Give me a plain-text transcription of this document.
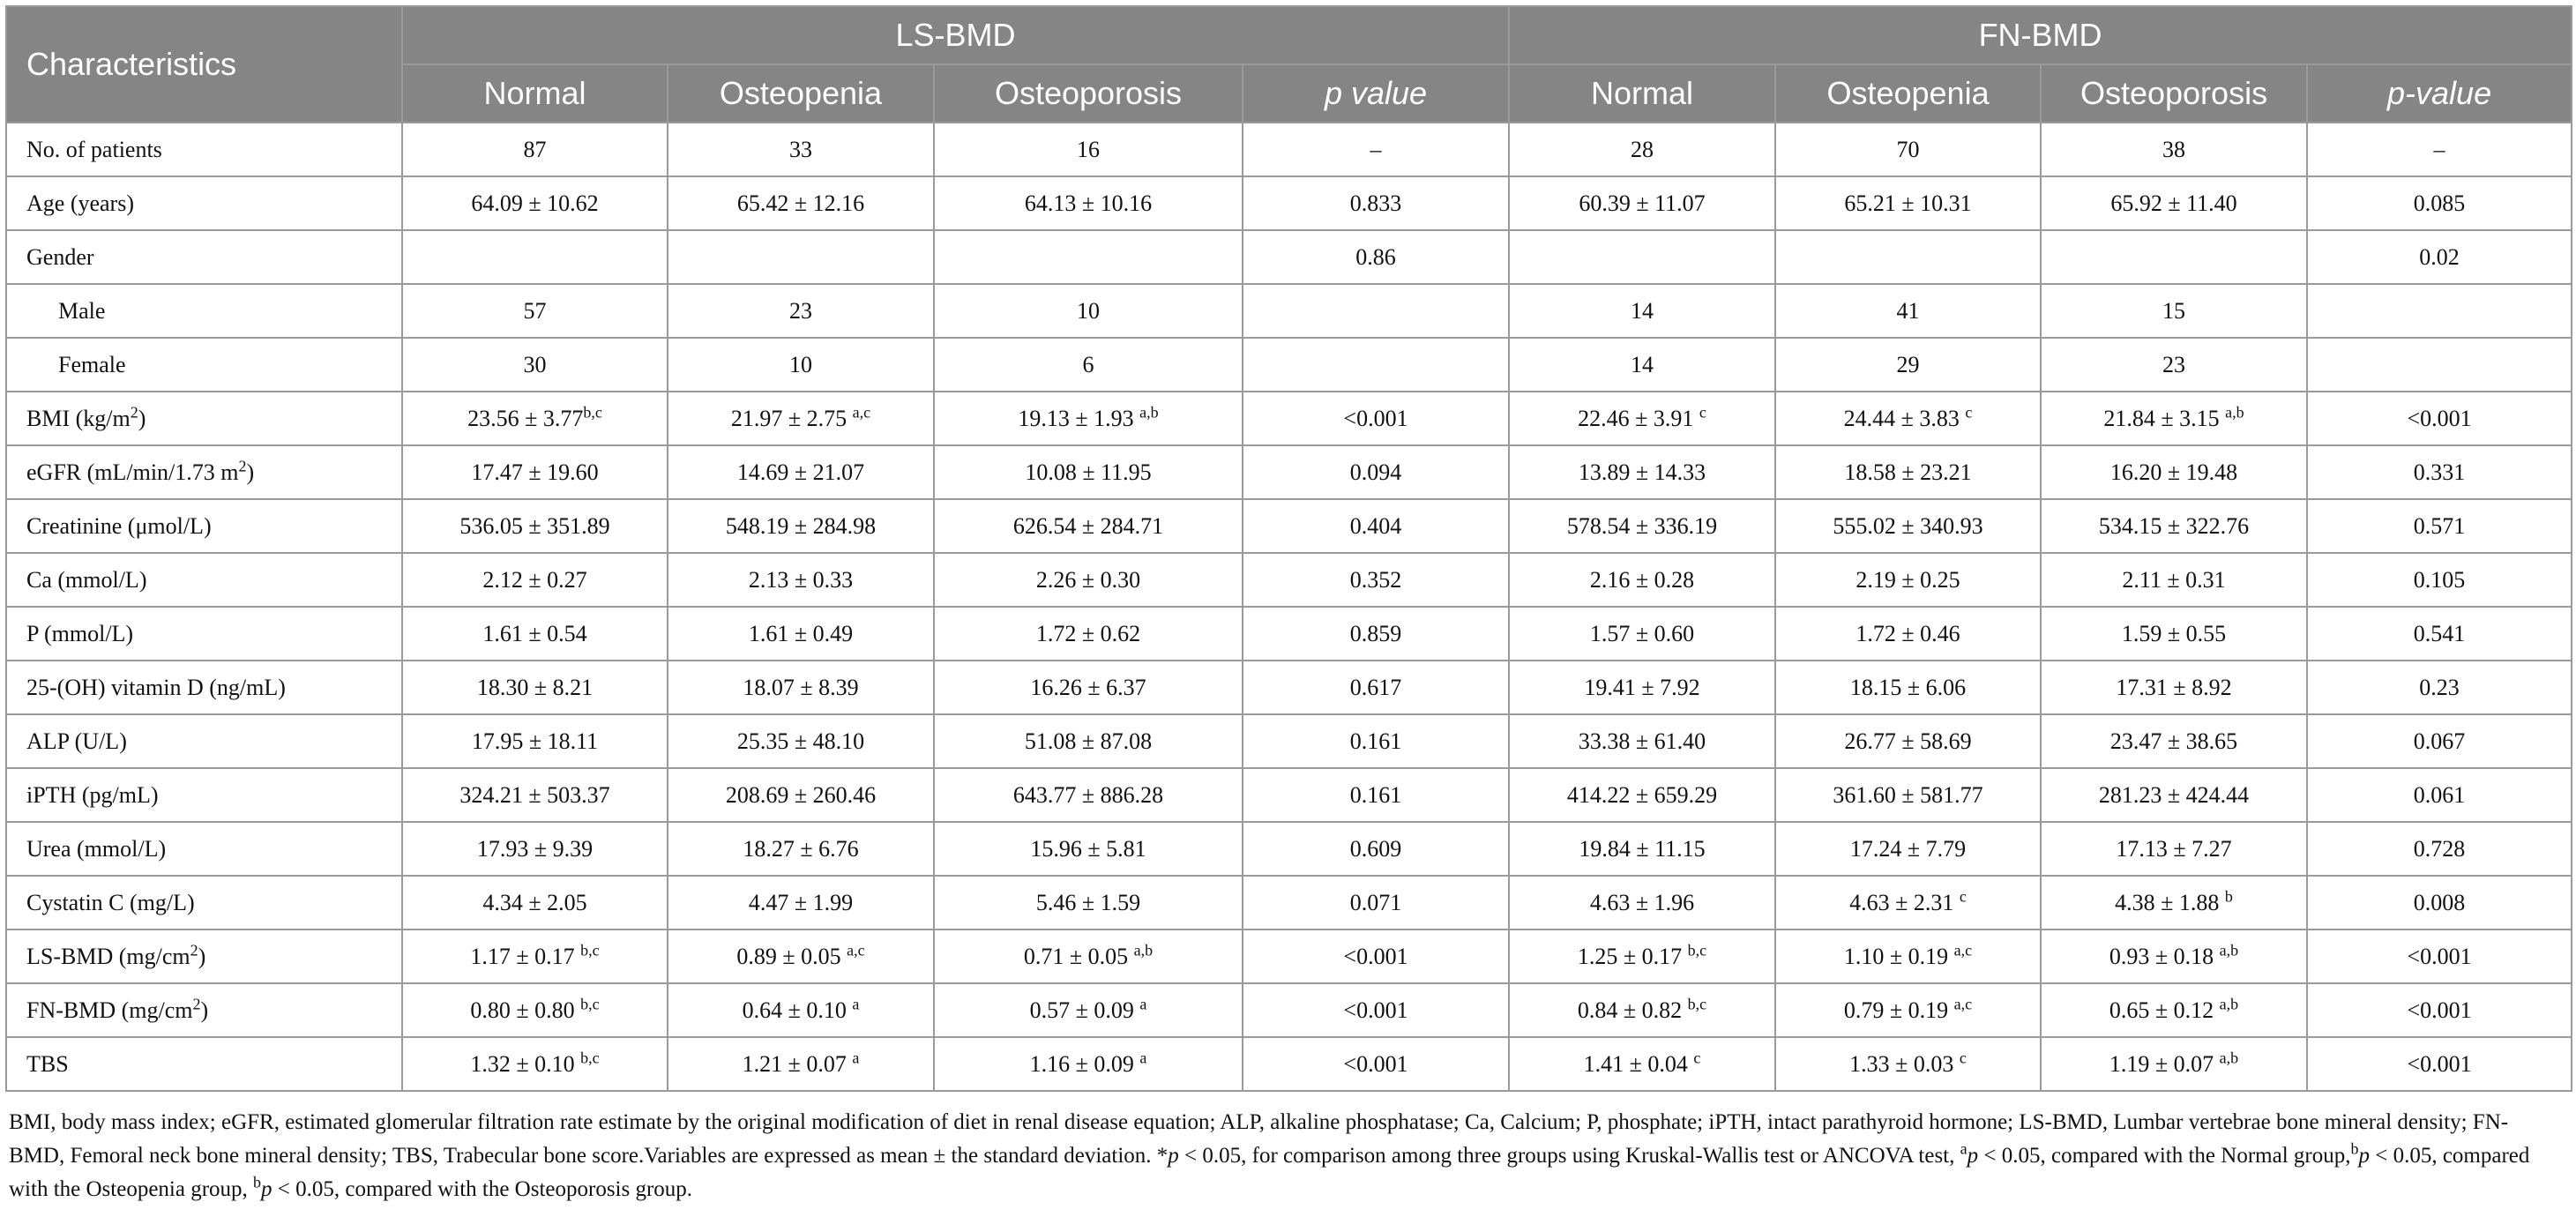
Characteristics	LS-BMD				FN-BMD			
	Normal	Osteopenia	Osteoporosis	p value	Normal	Osteopenia	Osteoporosis	p-value
No. of patients	87	33	16	–	28	70	38	–
Age (years)	64.09 ± 10.62	65.42 ± 12.16	64.13 ± 10.16	0.833	60.39 ± 11.07	65.21 ± 10.31	65.92 ± 11.40	0.085
Gender				0.86				0.02
Male	57	23	10		14	41	15	
Female	30	10	6		14	29	23	
BMI $(kg/m^2)$	$23.56 \pm 3.77^{b,c}$	21.97 ± 2.75 $^{a,c}$	19.13 ± 1.93 $^{a,b}$	<0.001	22.46 ± 3.91 $^c$	24.44 ± 3.83 $^c$	21.84 ± 3.15 $^{a,b}$	<0.001
eGFR (mL/min/1.73 $m^2$)	17.47 ± 19.60	14.69 ± 21.07	10.08 ± 11.95	0.094	13.89 ± 14.33	18.58 ± 23.21	16.20 ± 19.48	0.331
Creatinine (μmol/L)	536.05 ± 351.89	548.19 ± 284.98	626.54 ± 284.71	0.404	578.54 ± 336.19	555.02 ± 340.93	534.15 ± 322.76	0.571
Ca (mmol/L)	2.12 ± 0.27	2.13 ± 0.33	2.26 ± 0.30	0.352	2.16 ± 0.28	2.19 ± 0.25	2.11 ± 0.31	0.105
P (mmol/L)	1.61 ± 0.54	1.61 ± 0.49	1.72 ± 0.62	0.859	1.57 ± 0.60	1.72 ± 0.46	1.59 ± 0.55	0.541
25-(OH) vitamin D (ng/mL)	18.30 ± 8.21	18.07 ± 8.39	16.26 ± 6.37	0.617	19.41 ± 7.92	18.15 ± 6.06	17.31 ± 8.92	0.23
ALP (U/L)	17.95 ± 18.11	25.35 ± 48.10	51.08 ± 87.08	0.161	33.38 ± 61.40	26.77 ± 58.69	23.47 ± 38.65	0.067
iPTH (pg/mL)	324.21 ± 503.37	208.69 ± 260.46	643.77 ± 886.28	0.161	414.22 ± 659.29	361.60 ± 581.77	281.23 ± 424.44	0.061
Urea (mmol/L)	17.93 ± 9.39	18.27 ± 6.76	15.96 ± 5.81	0.609	19.84 ± 11.15	17.24 ± 7.79	17.13 ± 7.27	0.728
Cystatin C (mg/L)	4.34 ± 2.05	4.47 ± 1.99	5.46 ± 1.59	0.071	4.63 ± 1.96	4.63 ± 2.31 $^c$	4.38 ± 1.88 $^b$	0.008
LS-BMD $(mg/cm^2)$	1.17 ± 0.17 $^{b,c}$	0.89 ± 0.05 $^{a,c}$	0.71 ± 0.05 $^{a,b}$	<0.001	1.25 ± 0.17 $^{b,c}$	1.10 ± 0.19 $^{a,c}$	0.93 ± 0.18 $^{a,b}$	<0.001
FN-BMD $(mg/cm^2)$	0.80 ± 0.80 $^{b,c}$	0.64 ± 0.10 $^a$	0.57 ± 0.09 $^a$	<0.001	0.84 ± 0.82 $^{b,c}$	0.79 ± 0.19 $^{a,c}$	0.65 ± 0.12 $^{a,b}$	<0.001
TBS	1.32 ± 0.10 $^{b,c}$	1.21 ± 0.07 $^a$	1.16 ± 0.09 $^a$	<0.001	1.41 ± 0.04 $^c$	1.33 ± 0.03 $^c$	1.19 ± 0.07 $^{a,b}$	<0.001
BMI, body mass index; eGFR, estimated glomerular filtration rate estimate by the original modification of diet in renal disease equation; ALP, alkaline phosphatase; Ca, Calcium; P, phosphate; iPTH, intact parathyroid hormone; LS-BMD, Lumbar vertebrae bone mineral density; FN-BMD, Femoral neck bone mineral density; TBS, Trabecular bone score.Variables are expressed as mean ± the standard deviation. *p < 0.05, for comparison among three groups using Kruskal-Wallis test or ANCOVA test, $^a$p < 0.05, compared with the Normal group,$^b$p < 0.05, compared with the Osteopenia group, $^b$p < 0.05, compared with the Osteoporosis group.
